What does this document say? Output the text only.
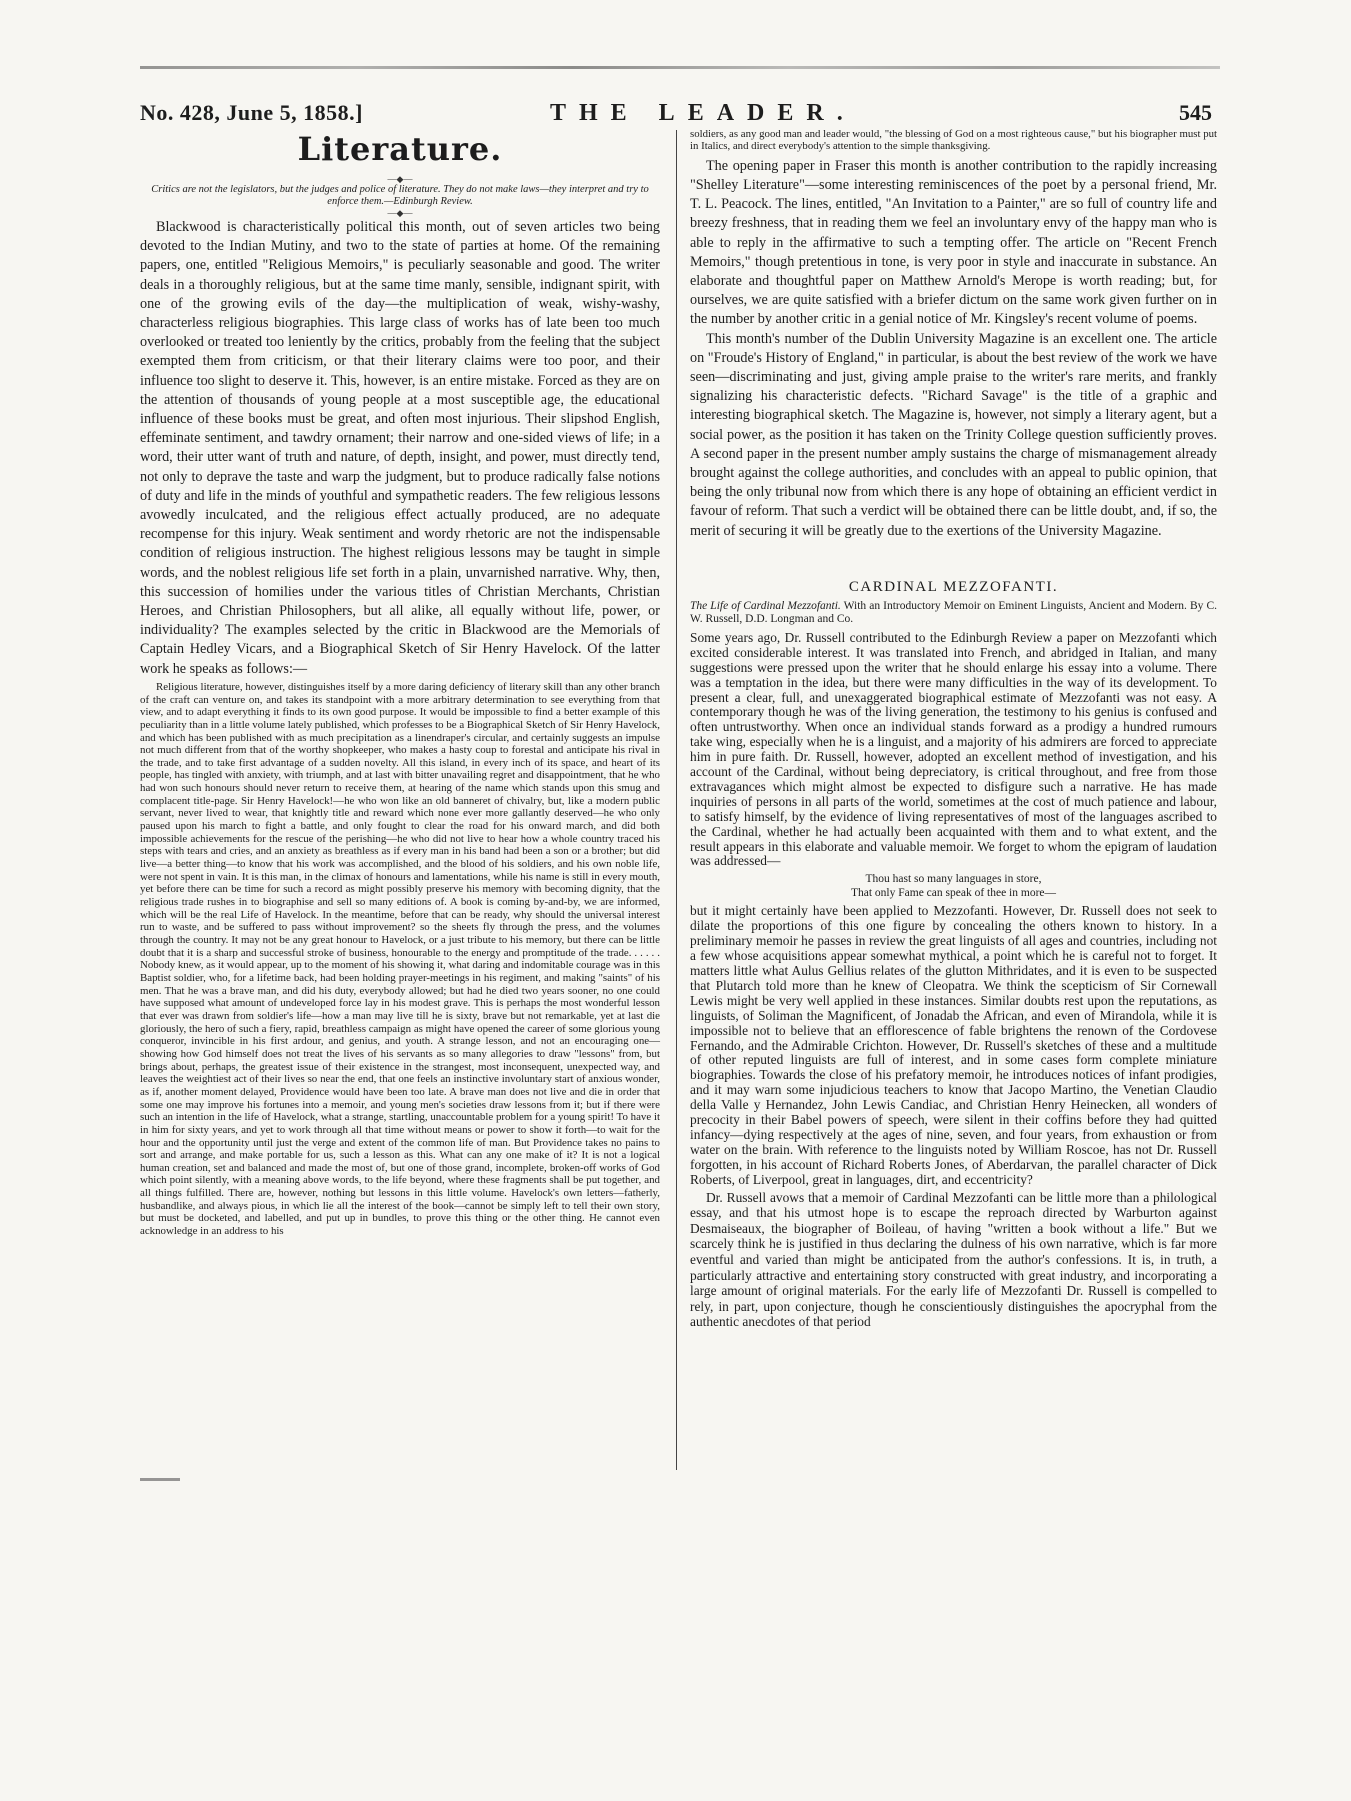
No. 428, June 5, 1858.]	THE LEADER.	545
Literature.
—◆—
Critics are not the legislators, but the judges and police of literature. They do not make laws—they interpret and try to enforce them.—Edinburgh Review.
—◆—

Blackwood is characteristically political this month, out of seven articles two being devoted to the Indian Mutiny, and two to the state of parties at home. Of the remaining papers, one, entitled "Religious Memoirs," is peculiarly seasonable and good. The writer deals in a thoroughly religious, but at the same time manly, sensible, indignant spirit, with one of the growing evils of the day—the multiplication of weak, wishy-washy, characterless religious biographies. This large class of works has of late been too much overlooked or treated too leniently by the critics, probably from the feeling that the subject exempted them from criticism, or that their literary claims were too poor, and their influence too slight to deserve it. This, however, is an entire mistake. Forced as they are on the attention of thousands of young people at a most susceptible age, the educational influence of these books must be great, and often most injurious. Their slipshod English, effeminate sentiment, and tawdry ornament; their narrow and one-sided views of life; in a word, their utter want of truth and nature, of depth, insight, and power, must directly tend, not only to deprave the taste and warp the judgment, but to produce radically false notions of duty and life in the minds of youthful and sympathetic readers. The few religious lessons avowedly inculcated, and the religious effect actually produced, are no adequate recompense for this injury. Weak sentiment and wordy rhetoric are not the indispensable condition of religious instruction. The highest religious lessons may be taught in simple words, and the noblest religious life set forth in a plain, unvarnished narrative. Why, then, this succession of homilies under the various titles of Christian Merchants, Christian Heroes, and Christian Philosophers, but all alike, all equally without life, power, or individuality? The examples selected by the critic in Blackwood are the Memorials of Captain Hedley Vicars, and a Biographical Sketch of Sir Henry Havelock. Of the latter work he speaks as follows:—

Religious literature, however, distinguishes itself by a more daring deficiency of literary skill than any other branch of the craft can venture on, and takes its standpoint with a more arbitrary determination to see everything from that view, and to adapt everything it finds to its own good purpose. It would be impossible to find a better example of this peculiarity than in a little volume lately published, which professes to be a Biographical Sketch of Sir Henry Havelock, and which has been published with as much precipitation as a linendraper's circular, and certainly suggests an impulse not much different from that of the worthy shopkeeper, who makes a hasty coup to forestal and anticipate his rival in the trade, and to take first advantage of a sudden novelty. All this island, in every inch of its space, and heart of its people, has tingled with anxiety, with triumph, and at last with bitter unavailing regret and disappointment, that he who had won such honours should never return to receive them, at hearing of the name which stands upon this smug and complacent title-page. Sir Henry Havelock!—he who won like an old banneret of chivalry, but, like a modern public servant, never lived to wear, that knightly title and reward which none ever more gallantly deserved—he who only paused upon his march to fight a battle, and only fought to clear the road for his onward march, and did both impossible achievements for the rescue of the perishing—he who did not live to hear how a whole country traced his steps with tears and cries, and an anxiety as breathless as if every man in his band had been a son or a brother; but did live—a better thing—to know that his work was accomplished, and the blood of his soldiers, and his own noble life, were not spent in vain. It is this man, in the climax of honours and lamentations, while his name is still in every mouth, yet before there can be time for such a record as might possibly preserve his memory with becoming dignity, that the religious trade rushes in to biographise and sell so many editions of. A book is coming by-and-by, we are informed, which will be the real Life of Havelock. In the meantime, before that can be ready, why should the universal interest run to waste, and be suffered to pass without improvement? so the sheets fly through the press, and the volumes through the country. It may not be any great honour to Havelock, or a just tribute to his memory, but there can be little doubt that it is a sharp and successful stroke of business, honourable to the energy and promptitude of the trade. . . . . . Nobody knew, as it would appear, up to the moment of his showing it, what daring and indomitable courage was in this Baptist soldier, who, for a lifetime back, had been holding prayer-meetings in his regiment, and making "saints" of his men. That he was a brave man, and did his duty, everybody allowed; but had he died two years sooner, no one could have supposed what amount of undeveloped force lay in his modest grave. This is perhaps the most wonderful lesson that ever was drawn from soldier's life—how a man may live till he is sixty, brave but not remarkable, yet at last die gloriously, the hero of such a fiery, rapid, breathless campaign as might have opened the career of some glorious young conqueror, invincible in his first ardour, and genius, and youth. A strange lesson, and not an encouraging one—showing how God himself does not treat the lives of his servants as so many allegories to draw "lessons" from, but brings about, perhaps, the greatest issue of their existence in the strangest, most inconsequent, unexpected way, and leaves the weightiest act of their lives so near the end, that one feels an instinctive involuntary start of anxious wonder, as if, another moment delayed, Providence would have been too late. A brave man does not live and die in order that some one may improve his fortunes into a memoir, and young men's societies draw lessons from it; but if there were such an intention in the life of Havelock, what a strange, startling, unaccountable problem for a young spirit! To have it in him for sixty years, and yet to work through all that time without means or power to show it forth—to wait for the hour and the opportunity until just the verge and extent of the common life of man. But Providence takes no pains to sort and arrange, and make portable for us, such a lesson as this. What can any one make of it? It is not a logical human creation, set and balanced and made the most of, but one of those grand, incomplete, broken-off works of God which point silently, with a meaning above words, to the life beyond, where these fragments shall be put together, and all things fulfilled. There are, however, nothing but lessons in this little volume. Havelock's own letters—fatherly, husbandlike, and always pious, in which lie all the interest of the book—cannot be simply left to tell their own story, but must be docketed, and labelled, and put up in bundles, to prove this thing or the other thing. He cannot even acknowledge in an address to his

soldiers, as any good man and leader would, "the blessing of God on a most righteous cause," but his biographer must put in Italics, and direct everybody's attention to the simple thanksgiving.

The opening paper in Fraser this month is another contribution to the rapidly increasing "Shelley Literature"—some interesting reminiscences of the poet by a personal friend, Mr. T. L. Peacock. The lines, entitled, "An Invitation to a Painter," are so full of country life and breezy freshness, that in reading them we feel an involuntary envy of the happy man who is able to reply in the affirmative to such a tempting offer. The article on "Recent French Memoirs," though pretentious in tone, is very poor in style and inaccurate in substance. An elaborate and thoughtful paper on Matthew Arnold's Merope is worth reading; but, for ourselves, we are quite satisfied with a briefer dictum on the same work given further on in the number by another critic in a genial notice of Mr. Kingsley's recent volume of poems.

This month's number of the Dublin University Magazine is an excellent one. The article on "Froude's History of England," in particular, is about the best review of the work we have seen—discriminating and just, giving ample praise to the writer's rare merits, and frankly signalizing his characteristic defects. "Richard Savage" is the title of a graphic and interesting biographical sketch. The Magazine is, however, not simply a literary agent, but a social power, as the position it has taken on the Trinity College question sufficiently proves. A second paper in the present number amply sustains the charge of mismanagement already brought against the college authorities, and concludes with an appeal to public opinion, that being the only tribunal now from which there is any hope of obtaining an efficient verdict in favour of reform. That such a verdict will be obtained there can be little doubt, and, if so, the merit of securing it will be greatly due to the exertions of the University Magazine.

CARDINAL MEZZOFANTI.

The Life of Cardinal Mezzofanti. With an Introductory Memoir on Eminent Linguists, Ancient and Modern. By C. W. Russell, D.D. Longman and Co.

Some years ago, Dr. Russell contributed to the Edinburgh Review a paper on Mezzofanti which excited considerable interest. It was translated into French, and abridged in Italian, and many suggestions were pressed upon the writer that he should enlarge his essay into a volume. There was a temptation in the idea, but there were many difficulties in the way of its development. To present a clear, full, and unexaggerated biographical estimate of Mezzofanti was not easy. A contemporary though he was of the living generation, the testimony to his genius is confused and often untrustworthy. When once an individual stands forward as a prodigy a hundred rumours take wing, especially when he is a linguist, and a majority of his admirers are forced to appreciate him in pure faith. Dr. Russell, however, adopted an excellent method of investigation, and his account of the Cardinal, without being depreciatory, is critical throughout, and free from those extravagances which might almost be expected to disfigure such a narrative. He has made inquiries of persons in all parts of the world, sometimes at the cost of much patience and labour, to satisfy himself, by the evidence of living representatives of most of the languages ascribed to the Cardinal, whether he had actually been acquainted with them and to what extent, and the result appears in this elaborate and valuable memoir. We forget to whom the epigram of laudation was addressed—

Thou hast so many languages in store,
That only Fame can speak of thee in more—

but it might certainly have been applied to Mezzofanti. However, Dr. Russell does not seek to dilate the proportions of this one figure by concealing the others known to history. In a preliminary memoir he passes in review the great linguists of all ages and countries, including not a few whose acquisitions appear somewhat mythical, a point which he is careful not to forget. It matters little what Aulus Gellius relates of the glutton Mithridates, and it is even to be suspected that Plutarch told more than he knew of Cleopatra. We think the scepticism of Sir Cornewall Lewis might be very well applied in these instances. Similar doubts rest upon the reputations, as linguists, of Soliman the Magnificent, of Jonadab the African, and even of Mirandola, while it is impossible not to believe that an efflorescence of fable brightens the renown of the Cordovese Fernando, and the Admirable Crichton. However, Dr. Russell's sketches of these and a multitude of other reputed linguists are full of interest, and in some cases form complete miniature biographies. Towards the close of his prefatory memoir, he introduces notices of infant prodigies, and it may warn some injudicious teachers to know that Jacopo Martino, the Venetian Claudio della Valle y Hernandez, John Lewis Candiac, and Christian Henry Heinecken, all wonders of precocity in their Babel powers of speech, were silent in their coffins before they had quitted infancy—dying respectively at the ages of nine, seven, and four years, from exhaustion or from water on the brain. With reference to the linguists noted by William Roscoe, has not Dr. Russell forgotten, in his account of Richard Roberts Jones, of Aberdarvan, the parallel character of Dick Roberts, of Liverpool, great in languages, dirt, and eccentricity?

Dr. Russell avows that a memoir of Cardinal Mezzofanti can be little more than a philological essay, and that his utmost hope is to escape the reproach directed by Warburton against Desmaiseaux, the biographer of Boileau, of having "written a book without a life." But we scarcely think he is justified in thus declaring the dulness of his own narrative, which is far more eventful and varied than might be anticipated from the author's confessions. It is, in truth, a particularly attractive and entertaining story constructed with great industry, and incorporating a large amount of original materials. For the early life of Mezzofanti Dr. Russell is compelled to rely, in part, upon conjecture, though he conscientiously distinguishes the apocryphal from the authentic anecdotes of that period
